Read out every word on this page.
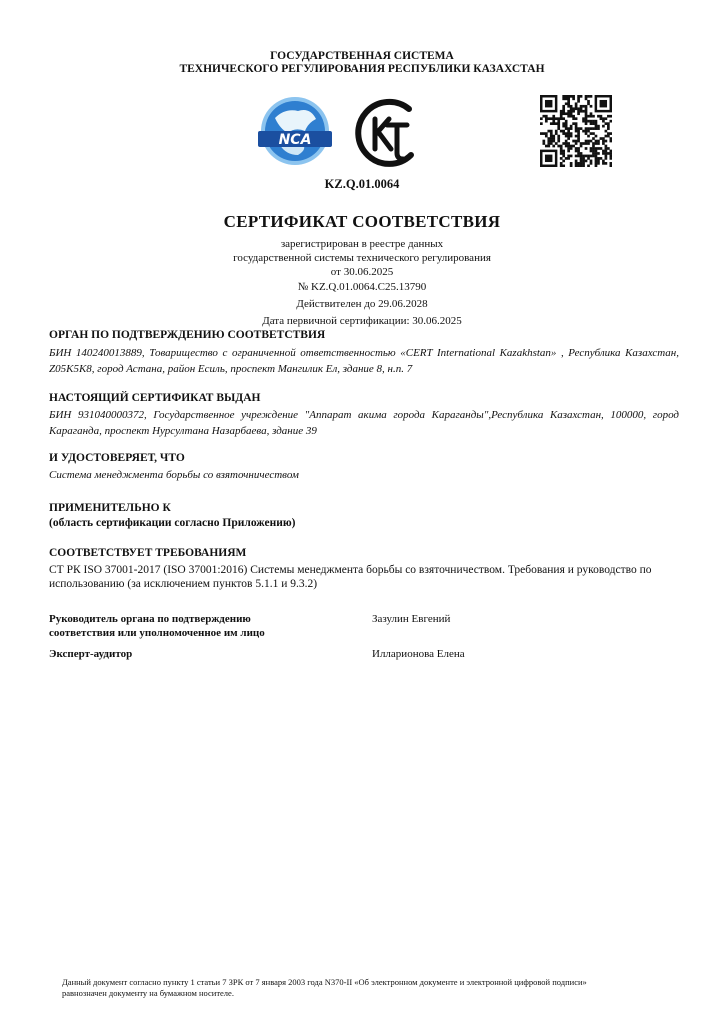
ГОСУДАРСТВЕННАЯ СИСТЕМА
ТЕХНИЧЕСКОГО РЕГУЛИРОВАНИЯ РЕСПУБЛИКИ КАЗАХСТАН
NCA
KZ.Q.01.0064
СЕРТИФИКАТ СООТВЕТСТВИЯ
зарегистрирован в реестре данных
государственной системы технического регулирования
от 30.06.2025
№ KZ.Q.01.0064.C25.13790
Действителен до 29.06.2028
Дата первичной сертификации: 30.06.2025
ОРГАН ПО ПОДТВЕРЖДЕНИЮ СООТВЕТСТВИЯ
БИН 140240013889, Товарищество с ограниченной ответственностью «CERT International Kazakhstan» , Республика Казахстан, Z05K5K8, город Астана, район Есиль, проспект Мангилик Ел, здание 8, н.п. 7
НАСТОЯЩИЙ СЕРТИФИКАТ ВЫДАН
БИН 931040000372, Государственное учреждение "Аппарат акима города Караганды",Республика Казахстан, 100000, город Караганда, проспект Нурсултана Назарбаева, здание 39
И УДОСТОВЕРЯЕТ, ЧТО
Система менеджмента борьбы со взяточничеством
ПРИМЕНИТЕЛЬНО К
(область сертификации согласно Приложению)
СООТВЕТСТВУЕТ ТРЕБОВАНИЯМ
СТ РК ISO 37001-2017 (ISO 37001:2016) Системы менеджмента борьбы со взяточничеством. Требования и руководство по использованию (за исключением пунктов 5.1.1 и 9.3.2)
Руководитель органа по подтверждению
соответствия или уполномоченное им лицо
Зазулин Евгений
Эксперт-аудитор	Илларионова Елена
Данный документ согласно пункту 1 статьи 7 ЗРК от 7 января 2003 года N370-II «Об электронном документе и электронной цифровой подписи»
равнозначен документу на бумажном носителе.
